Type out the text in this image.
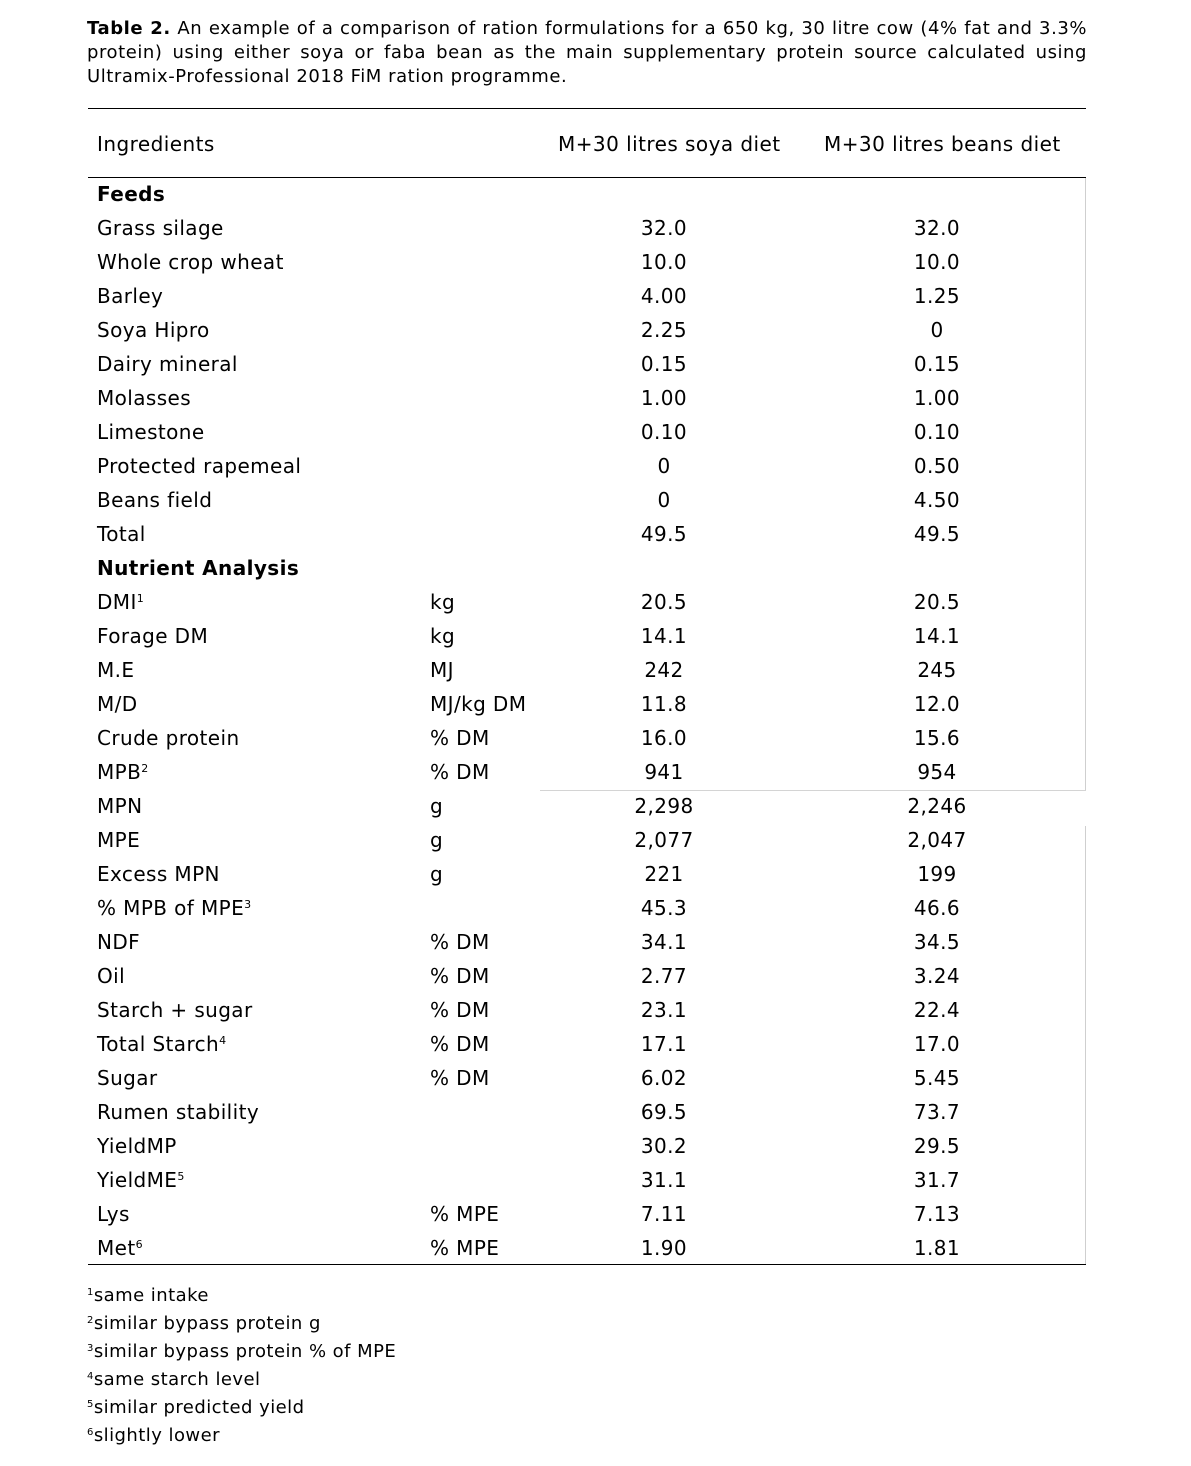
Table 2. An example of a comparison of ration formulations for a 650 kg, 30 litre cow (4% fat and 3.3% protein) using either soya or faba bean as the main supplementary protein source calculated using Ultramix-Professional 2018 FiM ration programme.
Ingredients	M+30 litres soya diet M+30 litres beans diet
Feeds
Grass silage	32.0	32.0
Whole crop wheat	10.0	10.0
Barley	4.00	1.25
Soya Hipro	2.25	0
Dairy mineral	0.15	0.15
Molasses	1.00	1.00
Limestone	0.10	0.10
Protected rapemeal	0	0.50
Beans field	0	4.50
Total	49.5	49.5
Nutrient Analysis
DMI$^1$	kg	20.5	20.5
Forage DM	kg	14.1	14.1
M.E	MJ	242	245
M/D	MJ/kg DM	11.8	12.0
Crude protein	% DM	16.0	15.6
MPB$^2$	% DM	941	954
MPN	g	2,298	2,246
MPE	g	2,077	2,047
Excess MPN	g	221	199
% MPB of MPE$^3$	45.3	46.6
NDF	% DM	34.1	34.5
Oil	% DM	2.77	3.24
Starch + sugar	% DM	23.1	22.4
Total Starch$^4$	% DM	17.1	17.0
Sugar	% DM	6.02	5.45
Rumen stability	69.5	73.7
YieldMP	30.2	29.5
YieldME$^5$	31.1	31.7
Lys	% MPE	7.11	7.13
Met$^6$	% MPE	1.90	1.81
$^1$same intake
$^2$similar bypass protein g
$^3$similar bypass protein % of MPE
$^4$same starch level
$^5$similar predicted yield
$^6$slightly lower
